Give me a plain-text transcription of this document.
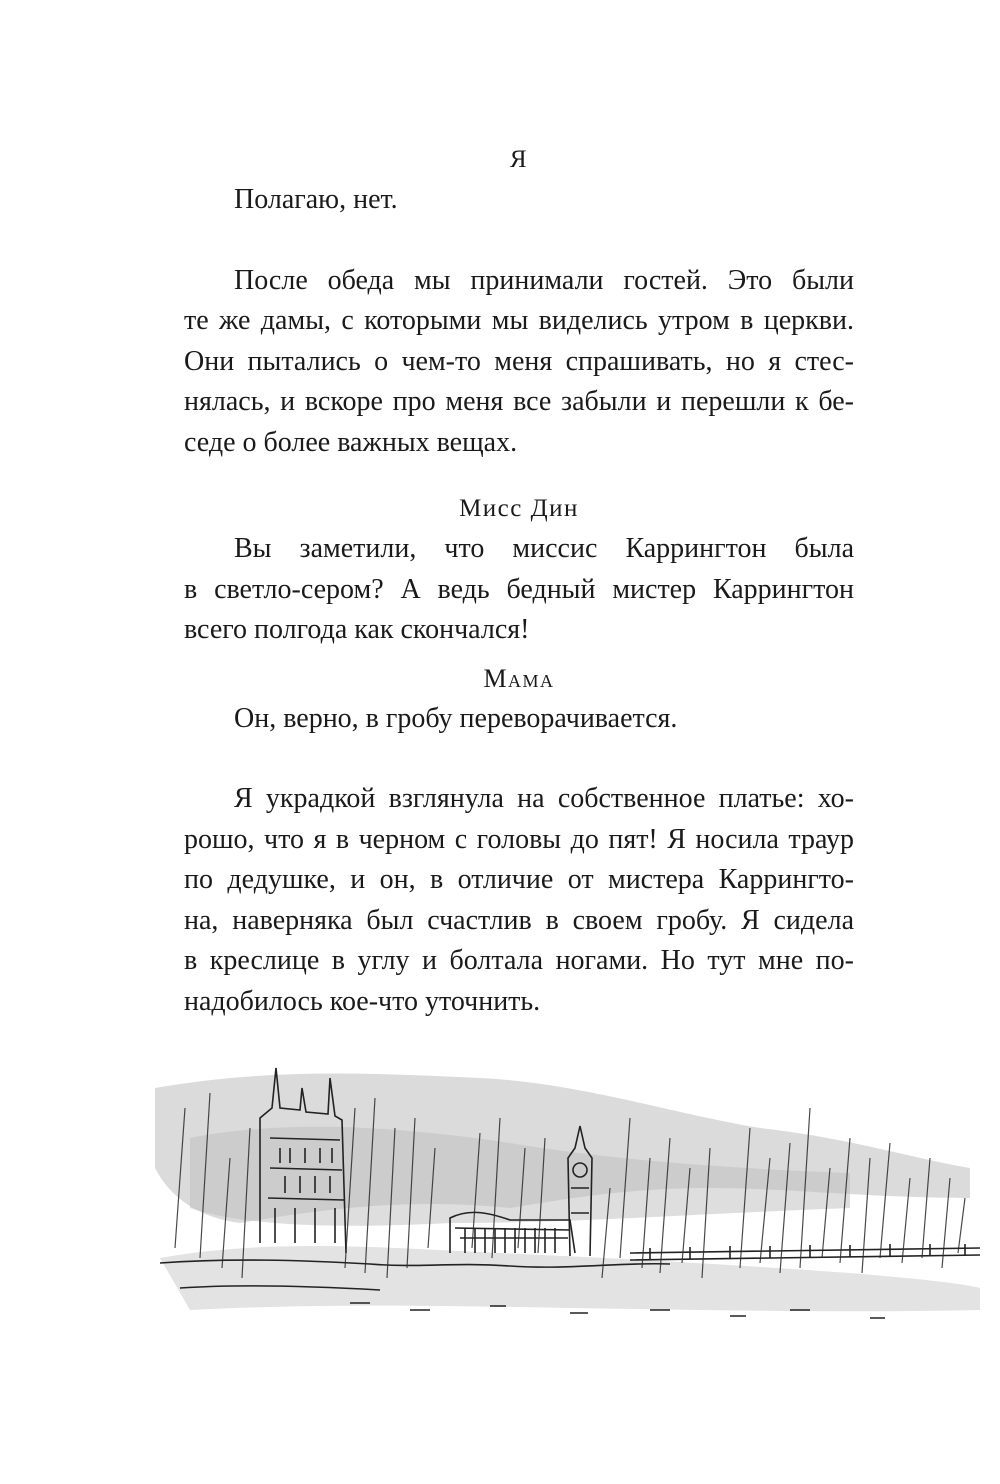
Я

Полагаю, нет.

После обеда мы принимали гостей. Это были
те же дамы, с которыми мы виделись утром в церкви.
Они пытались о чем-то меня спрашивать, но я стес-
нялась, и вскоре про меня все забыли и перешли к бе-
седе о более важных вещах.

Мисс Дин

Вы заметили, что миссис Каррингтон была
в светло-сером? А ведь бедный мистер Каррингтон
всего полгода как скончался!

Мама

Он, верно, в гробу переворачивается.

Я украдкой взглянула на собственное платье: хо-
рошо, что я в черном с головы до пят! Я носила траур
по дедушке, и он, в отличие от мистера Каррингто-
на, наверняка был счастлив в своем гробу. Я сидела
в креслице в углу и болтала ногами. Но тут мне по-
надобилось кое-что уточнить.
